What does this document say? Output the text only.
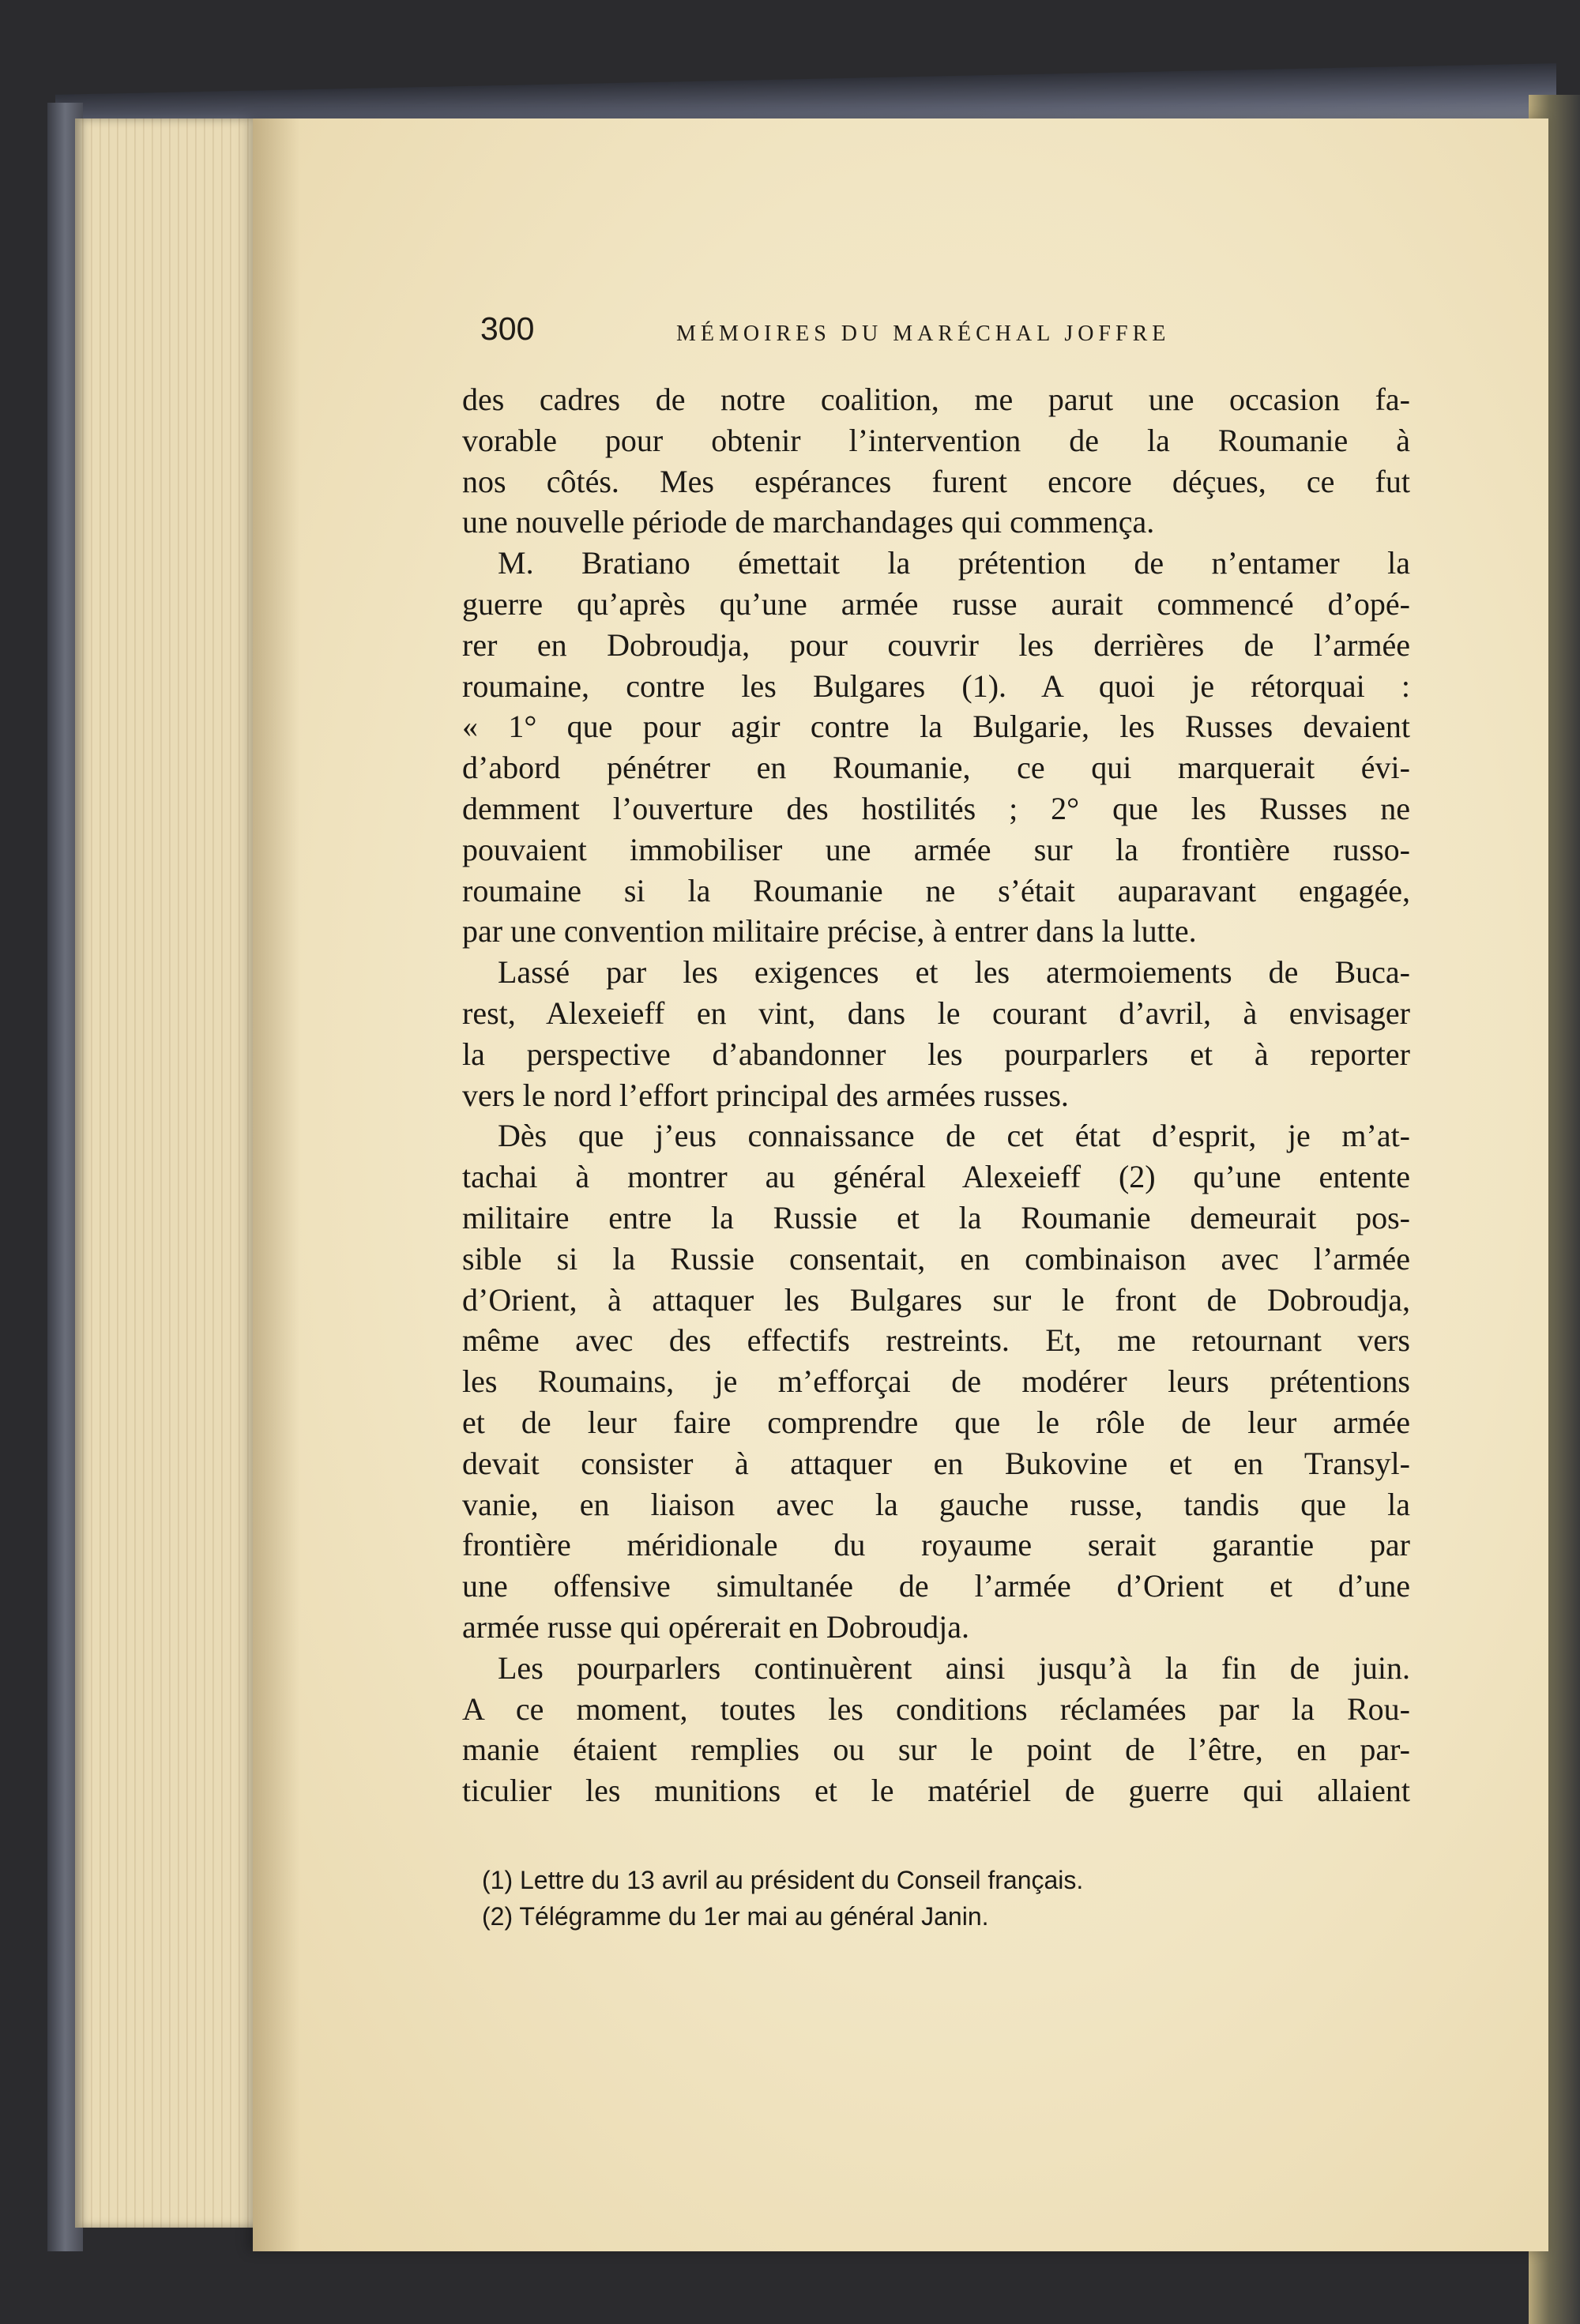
300	MÉMOIRES DU MARÉCHAL JOFFRE
des cadres de notre coalition, me parut une occasion fa-
vorable pour obtenir l’intervention de la Roumanie à
nos côtés. Mes espérances furent encore déçues, ce fut
une nouvelle période de marchandages qui commença.
M. Bratiano émettait la prétention de n’entamer la
guerre qu’après qu’une armée russe aurait commencé d’opé-
rer en Dobroudja, pour couvrir les derrières de l’armée
roumaine, contre les Bulgares (1). A quoi je rétorquai :
« 1° que pour agir contre la Bulgarie, les Russes devaient
d’abord pénétrer en Roumanie, ce qui marquerait évi-
demment l’ouverture des hostilités ; 2° que les Russes ne
pouvaient immobiliser une armée sur la frontière russo-
roumaine si la Roumanie ne s’était auparavant engagée,
par une convention militaire précise, à entrer dans la lutte.
Lassé par les exigences et les atermoiements de Buca-
rest, Alexeieff en vint, dans le courant d’avril, à envisager
la perspective d’abandonner les pourparlers et à reporter
vers le nord l’effort principal des armées russes.
Dès que j’eus connaissance de cet état d’esprit, je m’at-
tachai à montrer au général Alexeieff (2) qu’une entente
militaire entre la Russie et la Roumanie demeurait pos-
sible si la Russie consentait, en combinaison avec l’armée
d’Orient, à attaquer les Bulgares sur le front de Dobroudja,
même avec des effectifs restreints. Et, me retournant vers
les Roumains, je m’efforçai de modérer leurs prétentions
et de leur faire comprendre que le rôle de leur armée
devait consister à attaquer en Bukovine et en Transyl-
vanie, en liaison avec la gauche russe, tandis que la
frontière méridionale du royaume serait garantie par
une offensive simultanée de l’armée d’Orient et d’une
armée russe qui opérerait en Dobroudja.
Les pourparlers continuèrent ainsi jusqu’à la fin de juin.
A ce moment, toutes les conditions réclamées par la Rou-
manie étaient remplies ou sur le point de l’être, en par-
ticulier les munitions et le matériel de guerre qui allaient
(1) Lettre du 13 avril au président du Conseil français.
(2) Télégramme du 1er mai au général Janin.
